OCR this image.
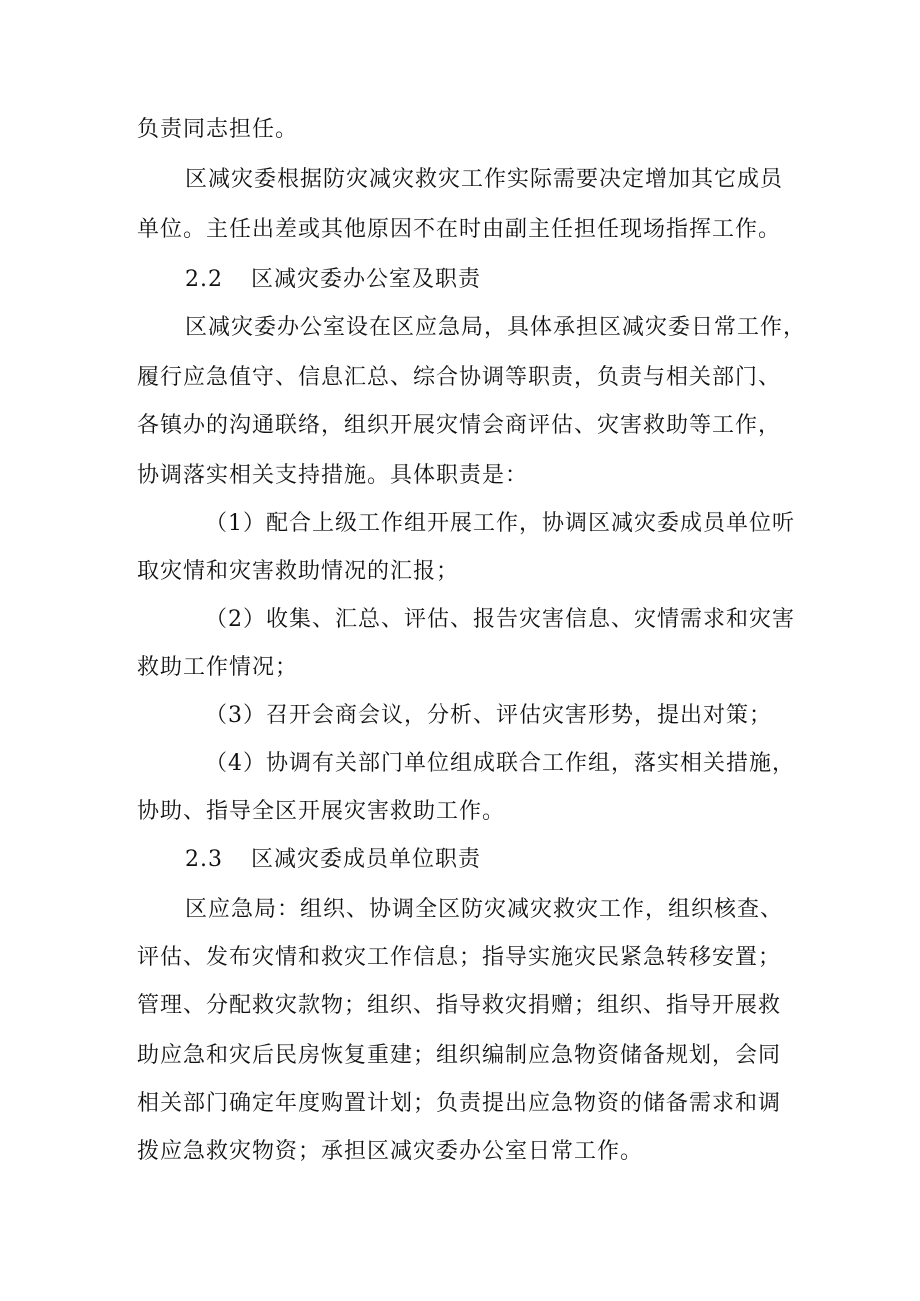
负责同志担任。
区减灾委根据防灾减灾救灾工作实际需要决定增加其它成员
单位。主任出差或其他原因不在时由副主任担任现场指挥工作。
2.2 区减灾委办公室及职责
区减灾委办公室设在区应急局，具体承担区减灾委日常工作，
履行应急值守、信息汇总、综合协调等职责，负责与相关部门、
各镇办的沟通联络，组织开展灾情会商评估、灾害救助等工作，
协调落实相关支持措施。具体职责是：
（1）配合上级工作组开展工作，协调区减灾委成员单位听
取灾情和灾害救助情况的汇报；
（2）收集、汇总、评估、报告灾害信息、灾情需求和灾害
救助工作情况；
（3）召开会商会议，分析、评估灾害形势，提出对策；
（4）协调有关部门单位组成联合工作组，落实相关措施，
协助、指导全区开展灾害救助工作。
2.3 区减灾委成员单位职责
区应急局：组织、协调全区防灾减灾救灾工作，组织核查、
评估、发布灾情和救灾工作信息；指导实施灾民紧急转移安置；
管理、分配救灾款物；组织、指导救灾捐赠；组织、指导开展救
助应急和灾后民房恢复重建；组织编制应急物资储备规划，会同
相关部门确定年度购置计划；负责提出应急物资的储备需求和调
拨应急救灾物资；承担区减灾委办公室日常工作。
